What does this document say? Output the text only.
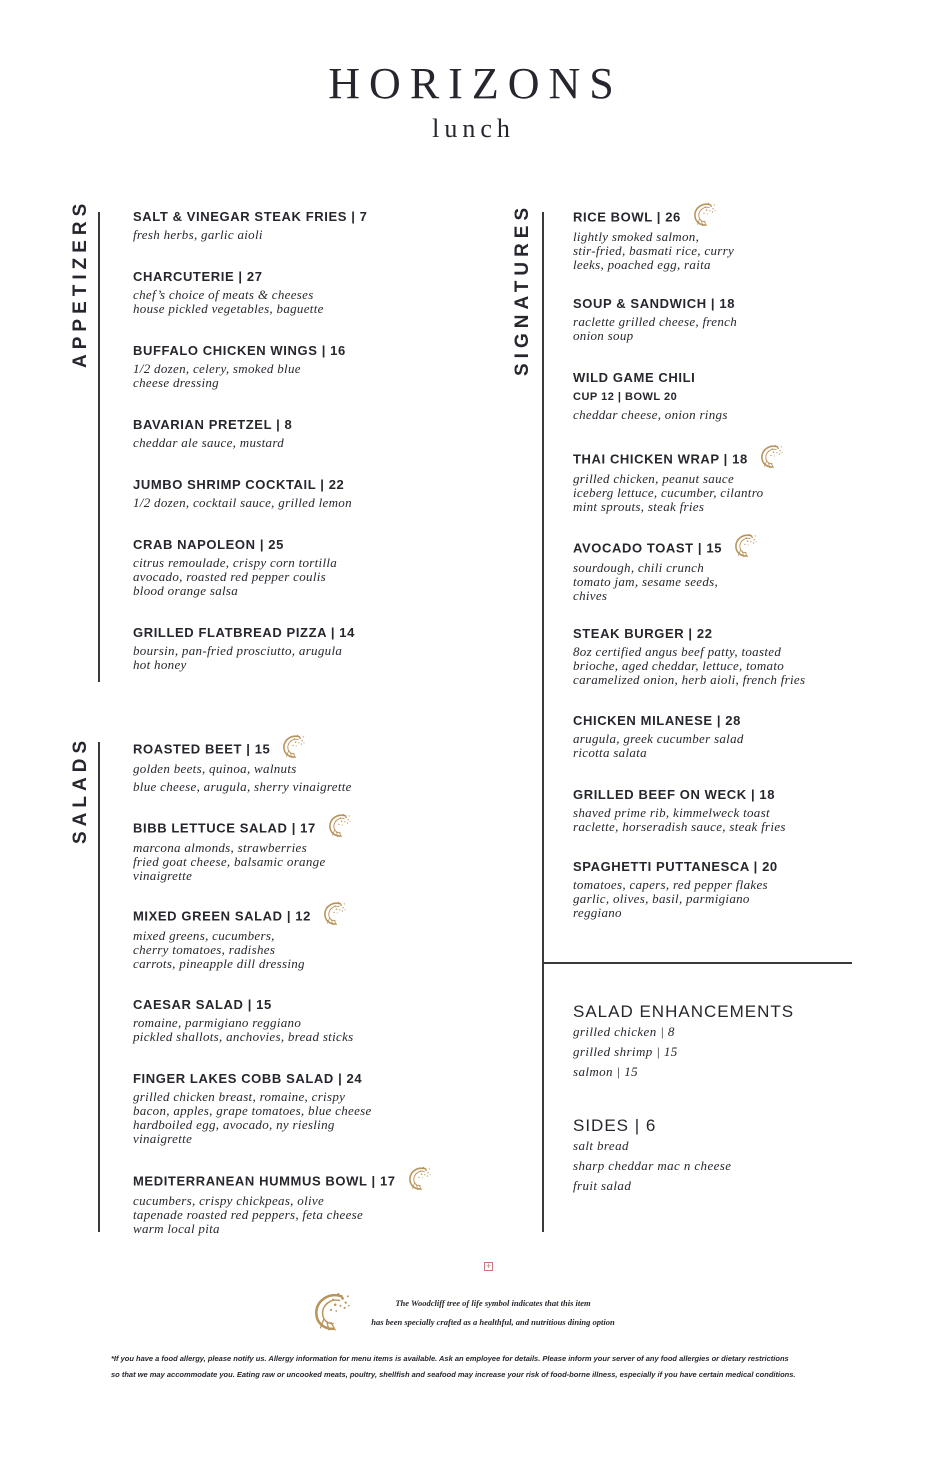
HORIZONS
lunch
APPETIZERS
SALADS
SIGNATURES
SALT & VINEGAR STEAK FRIES | 7
fresh herbs, garlic aioli
CHARCUTERIE | 27
chef’s choice of meats & cheeses
house pickled vegetables, baguette
BUFFALO CHICKEN WINGS | 16
1/2 dozen, celery, smoked blue
cheese dressing
BAVARIAN PRETZEL | 8
cheddar ale sauce, mustard
JUMBO SHRIMP COCKTAIL | 22
1/2 dozen, cocktail sauce, grilled lemon
CRAB NAPOLEON | 25
citrus remoulade, crispy corn tortilla
avocado, roasted red pepper coulis
blood orange salsa
GRILLED FLATBREAD PIZZA | 14
boursin, pan-fried prosciutto, arugula
hot honey
ROASTED BEET | 15
golden beets, quinoa, walnuts
blue cheese, arugula, sherry vinaigrette
BIBB LETTUCE SALAD | 17
marcona almonds, strawberries
fried goat cheese, balsamic orange
vinaigrette
MIXED GREEN SALAD | 12
mixed greens, cucumbers,
cherry tomatoes, radishes
carrots, pineapple dill dressing
CAESAR SALAD | 15
romaine, parmigiano reggiano
pickled shallots, anchovies, bread sticks
FINGER LAKES COBB SALAD | 24
grilled chicken breast, romaine, crispy
bacon, apples, grape tomatoes, blue cheese
hardboiled egg, avocado, ny riesling
vinaigrette
MEDITERRANEAN HUMMUS BOWL | 17
cucumbers, crispy chickpeas, olive
tapenade roasted red peppers, feta cheese
warm local pita
RICE BOWL | 26
lightly smoked salmon,
stir-fried, basmati rice, curry
leeks, poached egg, raita
SOUP & SANDWICH | 18
raclette grilled cheese, french
onion soup
WILD GAME CHILI
CUP 12 | BOWL 20
cheddar cheese, onion rings
THAI CHICKEN WRAP | 18
grilled chicken, peanut sauce
iceberg lettuce, cucumber, cilantro
mint sprouts, steak fries
AVOCADO TOAST | 15
sourdough, chili crunch
tomato jam, sesame seeds,
chives
STEAK BURGER | 22
8oz certified angus beef patty, toasted
brioche, aged cheddar, lettuce, tomato
caramelized onion, herb aioli, french fries
CHICKEN MILANESE | 28
arugula, greek cucumber salad
ricotta salata
GRILLED BEEF ON WECK | 18
shaved prime rib, kimmelweck toast
raclette, horseradish sauce, steak fries
SPAGHETTI PUTTANESCA | 20
tomatoes, capers, red pepper flakes
garlic, olives, basil, parmigiano
reggiano
SALAD ENHANCEMENTS
grilled chicken | 8
grilled shrimp | 15
salmon | 15
SIDES | 6
salt bread
sharp cheddar mac n cheese
fruit salad
+
The Woodcliff tree of life symbol indicates that this item
has been specially crafted as a healthful, and nutritious dining option
*If you have a food allergy, please notify us. Allergy information for menu items is available. Ask an employee for details. Please inform your server of any food allergies or dietary restrictions
so that we may accommodate you. Eating raw or uncooked meats, poultry, shellfish and seafood may increase your risk of food-borne illness, especially if you have certain medical conditions.
